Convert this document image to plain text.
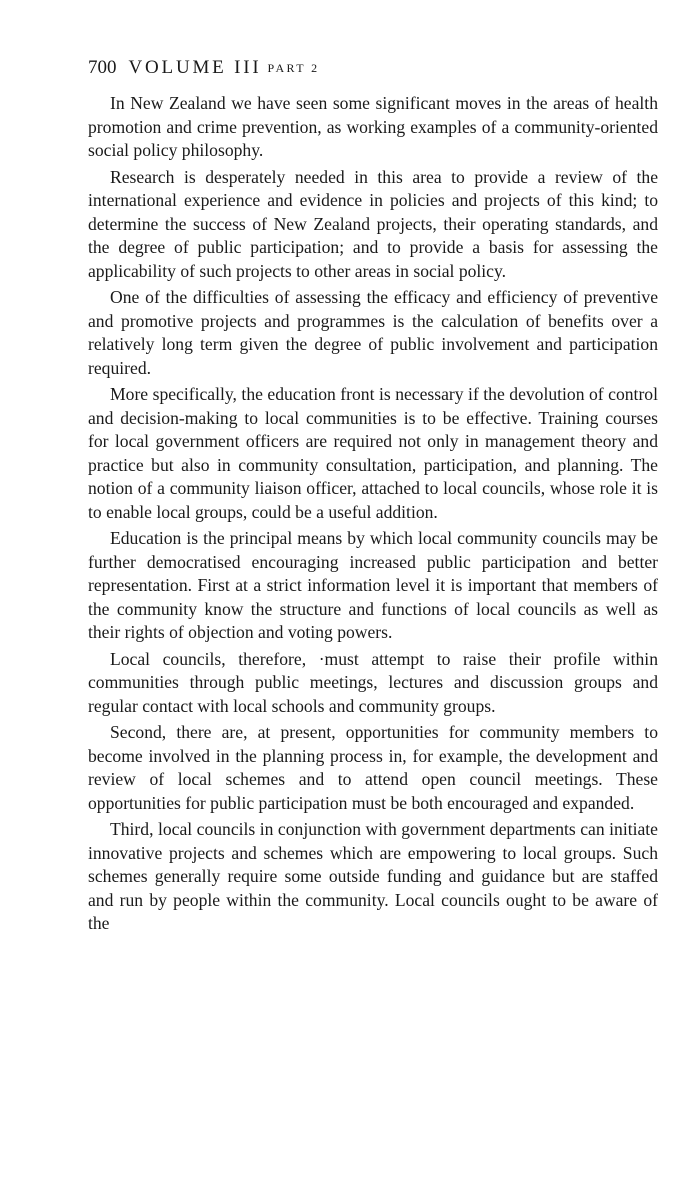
700 VOLUME III PART 2

In New Zealand we have seen some significant moves in the areas of health promotion and crime prevention, as working examples of a community-oriented social policy philosophy.

Research is desperately needed in this area to provide a review of the international experience and evidence in policies and projects of this kind; to determine the success of New Zealand projects, their operating standards, and the degree of public participation; and to provide a basis for assessing the applicability of such projects to other areas in social policy.

One of the difficulties of assessing the efficacy and efficiency of preventive and promotive projects and programmes is the calculation of benefits over a relatively long term given the degree of public involvement and participation required.

More specifically, the education front is necessary if the devolution of control and decision-making to local communities is to be effective. Training courses for local government officers are required not only in management theory and practice but also in community consultation, participation, and planning. The notion of a community liaison officer, attached to local councils, whose role it is to enable local groups, could be a useful addition.

Education is the principal means by which local community councils may be further democratised encouraging increased public participation and better representation. First at a strict information level it is important that members of the community know the structure and functions of local councils as well as their rights of objection and voting powers.

Local councils, therefore, ·must attempt to raise their profile within communities through public meetings, lectures and discussion groups and regular contact with local schools and community groups.

Second, there are, at present, opportunities for community members to become involved in the planning process in, for example, the development and review of local schemes and to attend open council meetings. These opportunities for public participation must be both encouraged and expanded.

Third, local councils in conjunction with government departments can initiate innovative projects and schemes which are empowering to local groups. Such schemes generally require some outside funding and guidance but are staffed and run by people within the community. Local councils ought to be aware of the
